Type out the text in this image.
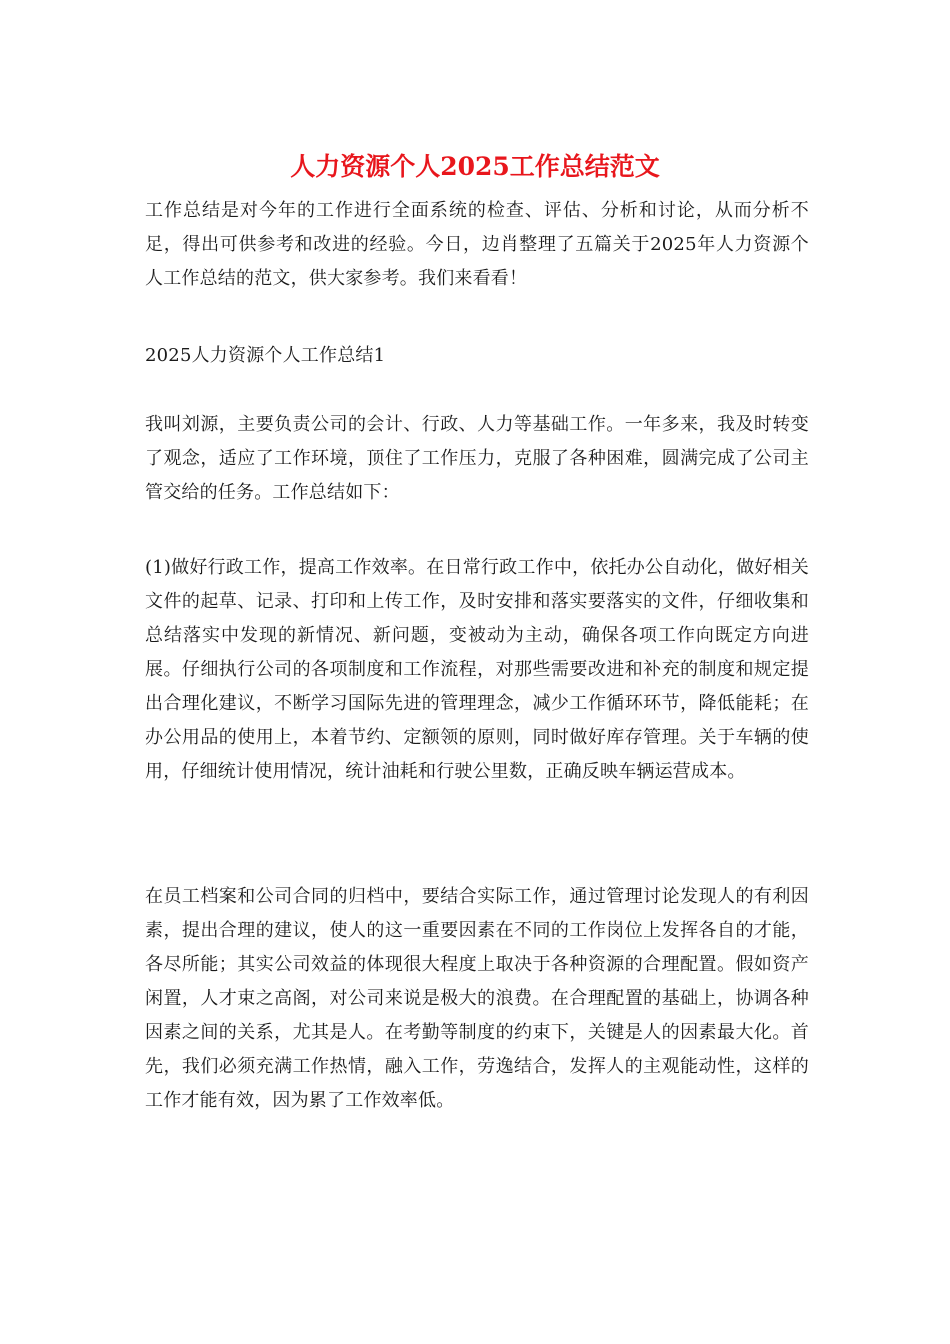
人力资源个人2025工作总结范文

工作总结是对今年的工作进行全面系统的检查、评估、分析和讨论，从而分析不足，得出可供参考和改进的经验。今日，边肖整理了五篇关于2025年人力资源个人工作总结的范文，供大家参考。我们来看看！

2025人力资源个人工作总结1

我叫刘源，主要负责公司的会计、行政、人力等基础工作。一年多来，我及时转变了观念，适应了工作环境，顶住了工作压力，克服了各种困难，圆满完成了公司主管交给的任务。工作总结如下：

(1)做好行政工作，提高工作效率。在日常行政工作中，依托办公自动化，做好相关文件的起草、记录、打印和上传工作，及时安排和落实要落实的文件，仔细收集和总结落实中发现的新情况、新问题，变被动为主动，确保各项工作向既定方向进展。仔细执行公司的各项制度和工作流程，对那些需要改进和补充的制度和规定提出合理化建议，不断学习国际先进的管理理念，减少工作循环环节，降低能耗；在办公用品的使用上，本着节约、定额领的原则，同时做好库存管理。关于车辆的使用，仔细统计使用情况，统计油耗和行驶公里数，正确反映车辆运营成本。

在员工档案和公司合同的归档中，要结合实际工作，通过管理讨论发现人的有利因素，提出合理的建议，使人的这一重要因素在不同的工作岗位上发挥各自的才能，各尽所能；其实公司效益的体现很大程度上取决于各种资源的合理配置。假如资产闲置，人才束之高阁，对公司来说是极大的浪费。在合理配置的基础上，协调各种因素之间的关系，尤其是人。在考勤等制度的约束下，关键是人的因素最大化。首先，我们必须充满工作热情，融入工作，劳逸结合，发挥人的主观能动性，这样的工作才能有效，因为累了工作效率低。
